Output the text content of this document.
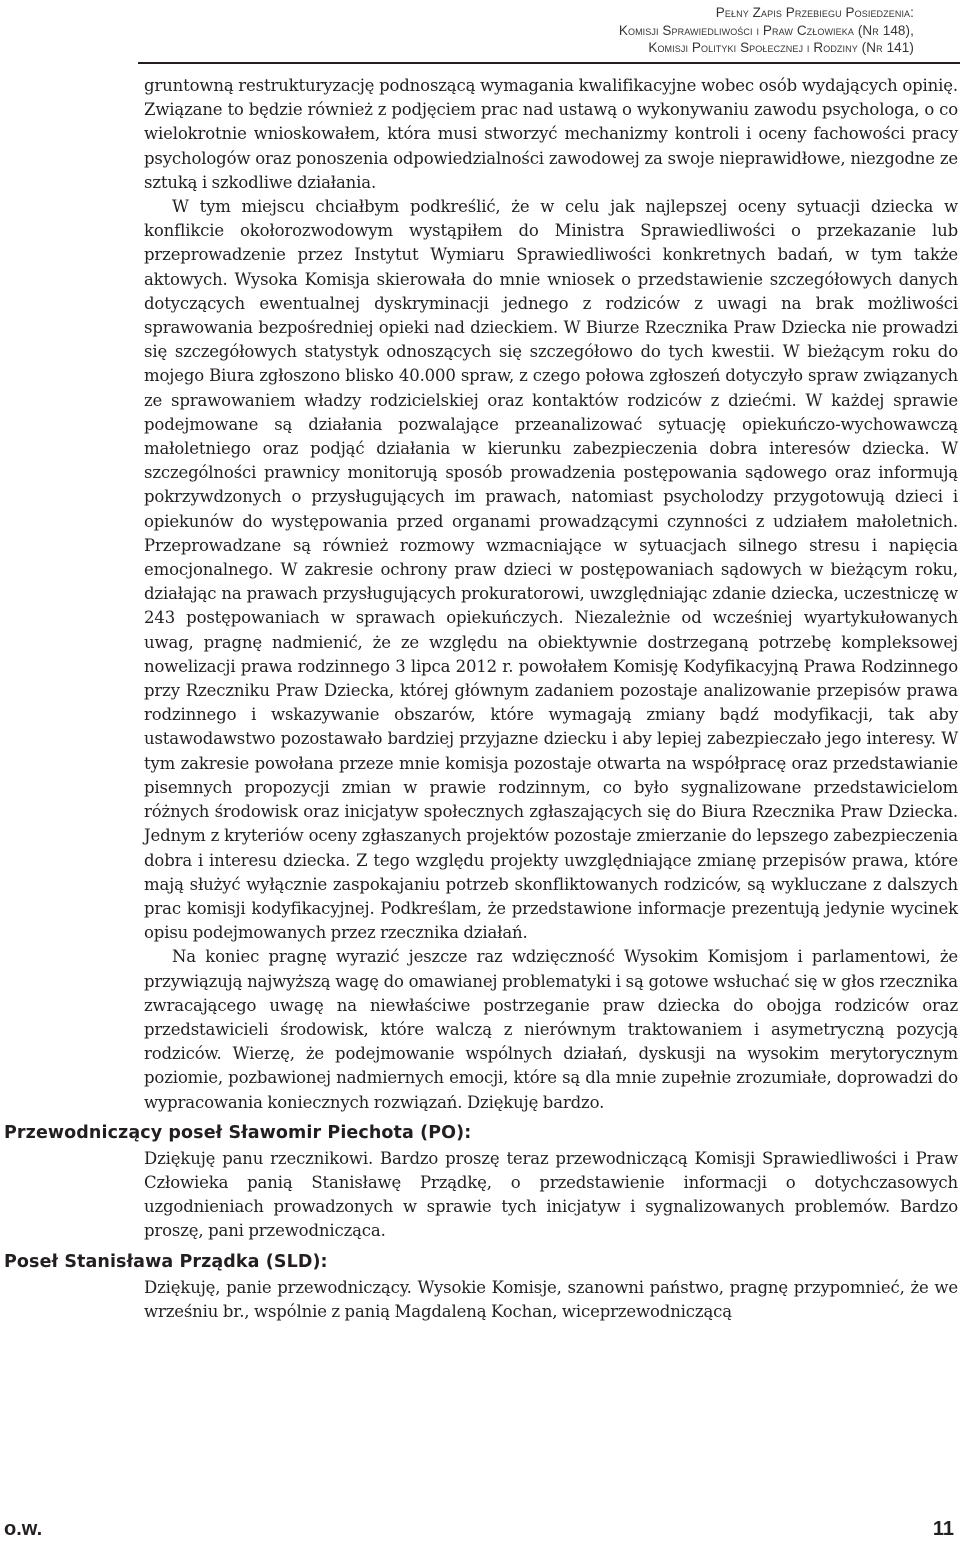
Pełny Zapis Przebiegu Posiedzenia:
Komisji Sprawiedliwości i Praw Człowieka (Nr 148),
Komisji Polityki Społecznej i Rodziny (Nr 141)

gruntowną restrukturyzację podnoszącą wymagania kwalifikacyjne wobec osób wydających opinię. Związane to będzie również z podjęciem prac nad ustawą o wykonywaniu zawodu psychologa, o co wielokrotnie wnioskowałem, która musi stworzyć mechanizmy kontroli i oceny fachowości pracy psychologów oraz ponoszenia odpowiedzialności zawodowej za swoje nieprawidłowe, niezgodne ze sztuką i szkodliwe działania.

W tym miejscu chciałbym podkreślić, że w celu jak najlepszej oceny sytuacji dziecka w konflikcie okołorozwodowym wystąpiłem do Ministra Sprawiedliwości o przekazanie lub przeprowadzenie przez Instytut Wymiaru Sprawiedliwości konkretnych badań, w tym także aktowych. Wysoka Komisja skierowała do mnie wniosek o przedstawienie szczegółowych danych dotyczących ewentualnej dyskryminacji jednego z rodziców z uwagi na brak możliwości sprawowania bezpośredniej opieki nad dzieckiem. W Biurze Rzecznika Praw Dziecka nie prowadzi się szczegółowych statystyk odnoszących się szczegółowo do tych kwestii. W bieżącym roku do mojego Biura zgłoszono blisko 40.000 spraw, z czego połowa zgłoszeń dotyczyło spraw związanych ze sprawowaniem władzy rodzicielskiej oraz kontaktów rodziców z dziećmi. W każdej sprawie podejmowane są działania pozwalające przeanalizować sytuację opiekuńczo-wychowawczą małoletniego oraz podjąć działania w kierunku zabezpieczenia dobra interesów dziecka. W szczególności prawnicy monitorują sposób prowadzenia postępowania sądowego oraz informują pokrzywdzonych o przysługujących im prawach, natomiast psycholodzy przygotowują dzieci i opiekunów do występowania przed organami prowadzącymi czynności z udziałem małoletnich. Przeprowadzane są również rozmowy wzmacniające w sytuacjach silnego stresu i napięcia emocjonalnego. W zakresie ochrony praw dzieci w postępowaniach sądowych w bieżącym roku, działając na prawach przysługujących prokuratorowi, uwzględniając zdanie dziecka, uczestniczę w 243 postępowaniach w sprawach opiekuńczych. Niezależnie od wcześniej wyartykułowanych uwag, pragnę nadmienić, że ze względu na obiektywnie dostrzeganą potrzebę kompleksowej nowelizacji prawa rodzinnego 3 lipca 2012 r. powołałem Komisję Kodyfikacyjną Prawa Rodzinnego przy Rzeczniku Praw Dziecka, której głównym zadaniem pozostaje analizowanie przepisów prawa rodzinnego i wskazywanie obszarów, które wymagają zmiany bądź modyfikacji, tak aby ustawodawstwo pozostawało bardziej przyjazne dziecku i aby lepiej zabezpieczało jego interesy. W tym zakresie powołana przeze mnie komisja pozostaje otwarta na współpracę oraz przedstawianie pisemnych propozycji zmian w prawie rodzinnym, co było sygnalizowane przedstawicielom różnych środowisk oraz inicjatyw społecznych zgłaszających się do Biura Rzecznika Praw Dziecka. Jednym z kryteriów oceny zgłaszanych projektów pozostaje zmierzanie do lepszego zabezpieczenia dobra i interesu dziecka. Z tego względu projekty uwzględniające zmianę przepisów prawa, które mają służyć wyłącznie zaspokajaniu potrzeb skonfliktowanych rodziców, są wykluczane z dalszych prac komisji kodyfikacyjnej. Podkreślam, że przedstawione informacje prezentują jedynie wycinek opisu podejmowanych przez rzecznika działań.

Na koniec pragnę wyrazić jeszcze raz wdzięczność Wysokim Komisjom i parlamentowi, że przywiązują najwyższą wagę do omawianej problematyki i są gotowe wsłuchać się w głos rzecznika zwracającego uwagę na niewłaściwe postrzeganie praw dziecka do obojga rodziców oraz przedstawicieli środowisk, które walczą z nierównym traktowaniem i asymetryczną pozycją rodziców. Wierzę, że podejmowanie wspólnych działań, dyskusji na wysokim merytorycznym poziomie, pozbawionej nadmiernych emocji, które są dla mnie zupełnie zrozumiałe, doprowadzi do wypracowania koniecznych rozwiązań. Dziękuję bardzo.

Przewodniczący poseł Sławomir Piechota (PO):

Dziękuję panu rzecznikowi. Bardzo proszę teraz przewodniczącą Komisji Sprawiedliwości i Praw Człowieka panią Stanisławę Prządkę, o przedstawienie informacji o dotychczasowych uzgodnieniach prowadzonych w sprawie tych inicjatyw i sygnalizowanych problemów. Bardzo proszę, pani przewodnicząca.

Poseł Stanisława Prządka (SLD):

Dziękuję, panie przewodniczący. Wysokie Komisje, szanowni państwo, pragnę przypomnieć, że we wrześniu br., wspólnie z panią Magdaleną Kochan, wiceprzewodniczącą

o.w.	11
